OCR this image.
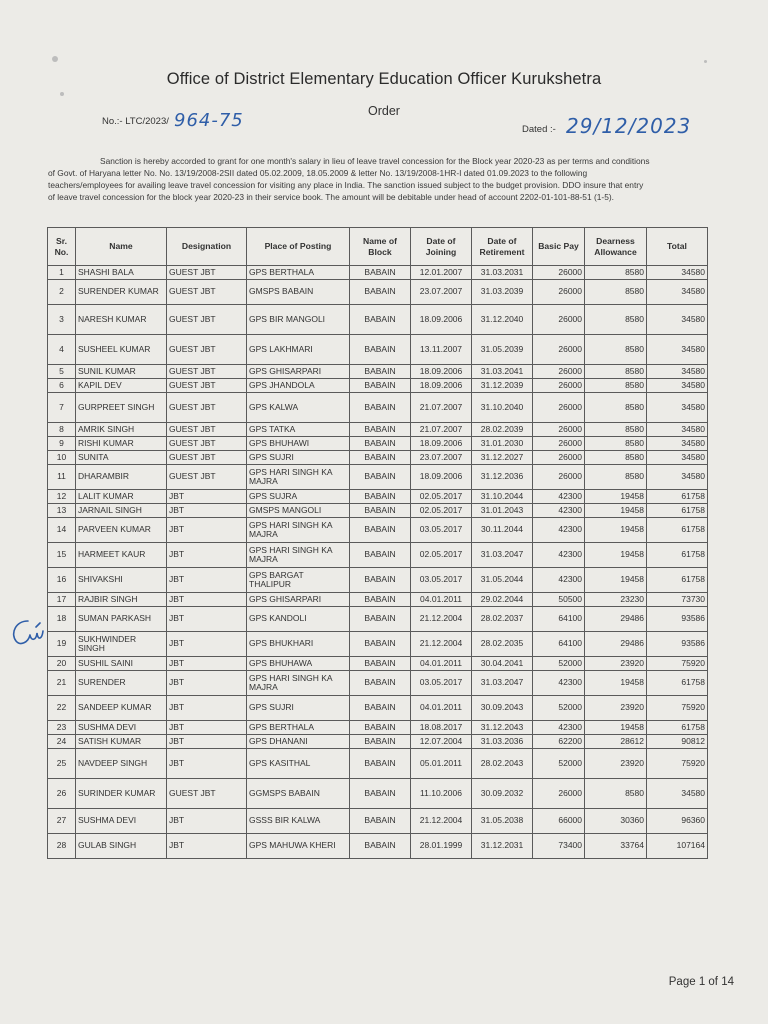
Office of District Elementary Education Officer Kurukshetra
Order
No.:- LTC/2023/ 964-75	Dated :- 29/12/2023
Sanction is hereby accorded to grant for one month's salary in lieu of leave travel concession for the Block year 2020-23 as per terms and conditions
of Govt. of Haryana letter No. No. 13/19/2008-2SII dated 05.02.2009, 18.05.2009 & letter No. 13/19/2008-1HR-I dated 01.09.2023 to the following
teachers/employees for availing leave travel concession for visiting any place in India. The sanction issued subject to the budget provision. DDO insure that entry
of leave travel concession for the block year 2020-23 in their service book. The amount will be debitable under head of account 2202-01-101-88-51 (1-5).
Sr. No.	Name	Designation	Place of Posting	Name of Block	Date of Joining	Date of Retirement	Basic Pay	Dearness Allowance	Total
1	SHASHI BALA	GUEST JBT	GPS BERTHALA	BABAIN	12.01.2007	31.03.2031	26000	8580	34580
2	SURENDER KUMAR	GUEST JBT	GMSPS BABAIN	BABAIN	23.07.2007	31.03.2039	26000	8580	34580
3	NARESH KUMAR	GUEST JBT	GPS BIR MANGOLI	BABAIN	18.09.2006	31.12.2040	26000	8580	34580
4	SUSHEEL KUMAR	GUEST JBT	GPS LAKHMARI	BABAIN	13.11.2007	31.05.2039	26000	8580	34580
5	SUNIL KUMAR	GUEST JBT	GPS GHISARPARI	BABAIN	18.09.2006	31.03.2041	26000	8580	34580
6	KAPIL DEV	GUEST JBT	GPS JHANDOLA	BABAIN	18.09.2006	31.12.2039	26000	8580	34580
7	GURPREET SINGH	GUEST JBT	GPS KALWA	BABAIN	21.07.2007	31.10.2040	26000	8580	34580
8	AMRIK SINGH	GUEST JBT	GPS TATKA	BABAIN	21.07.2007	28.02.2039	26000	8580	34580
9	RISHI KUMAR	GUEST JBT	GPS BHUHAWI	BABAIN	18.09.2006	31.01.2030	26000	8580	34580
10	SUNITA	GUEST JBT	GPS SUJRI	BABAIN	23.07.2007	31.12.2027	26000	8580	34580
11	DHARAMBIR	GUEST JBT	GPS HARI SINGH KA MAJRA	BABAIN	18.09.2006	31.12.2036	26000	8580	34580
12	LALIT KUMAR	JBT	GPS SUJRA	BABAIN	02.05.2017	31.10.2044	42300	19458	61758
13	JARNAIL SINGH	JBT	GMSPS MANGOLI	BABAIN	02.05.2017	31.01.2043	42300	19458	61758
14	PARVEEN KUMAR	JBT	GPS HARI SINGH KA MAJRA	BABAIN	03.05.2017	30.11.2044	42300	19458	61758
15	HARMEET KAUR	JBT	GPS HARI SINGH KA MAJRA	BABAIN	02.05.2017	31.03.2047	42300	19458	61758
16	SHIVAKSHI	JBT	GPS BARGAT THALIPUR	BABAIN	03.05.2017	31.05.2044	42300	19458	61758
17	RAJBIR SINGH	JBT	GPS GHISARPARI	BABAIN	04.01.2011	29.02.2044	50500	23230	73730
18	SUMAN PARKASH	JBT	GPS KANDOLI	BABAIN	21.12.2004	28.02.2037	64100	29486	93586
19	SUKHWINDER SINGH	JBT	GPS BHUKHARI	BABAIN	21.12.2004	28.02.2035	64100	29486	93586
20	SUSHIL SAINI	JBT	GPS BHUHAWA	BABAIN	04.01.2011	30.04.2041	52000	23920	75920
21	SURENDER	JBT	GPS HARI SINGH KA MAJRA	BABAIN	03.05.2017	31.03.2047	42300	19458	61758
22	SANDEEP KUMAR	JBT	GPS SUJRI	BABAIN	04.01.2011	30.09.2043	52000	23920	75920
23	SUSHMA DEVI	JBT	GPS BERTHALA	BABAIN	18.08.2017	31.12.2043	42300	19458	61758
24	SATISH KUMAR	JBT	GPS DHANANI	BABAIN	12.07.2004	31.03.2036	62200	28612	90812
25	NAVDEEP SINGH	JBT	GPS KASITHAL	BABAIN	05.01.2011	28.02.2043	52000	23920	75920
26	SURINDER KUMAR	GUEST JBT	GGMSPS BABAIN	BABAIN	11.10.2006	30.09.2032	26000	8580	34580
27	SUSHMA DEVI	JBT	GSSS BIR KALWA	BABAIN	21.12.2004	31.05.2038	66000	30360	96360
28	GULAB SINGH	JBT	GPS MAHUWA KHERI	BABAIN	28.01.1999	31.12.2031	73400	33764	107164
Page 1 of 14
